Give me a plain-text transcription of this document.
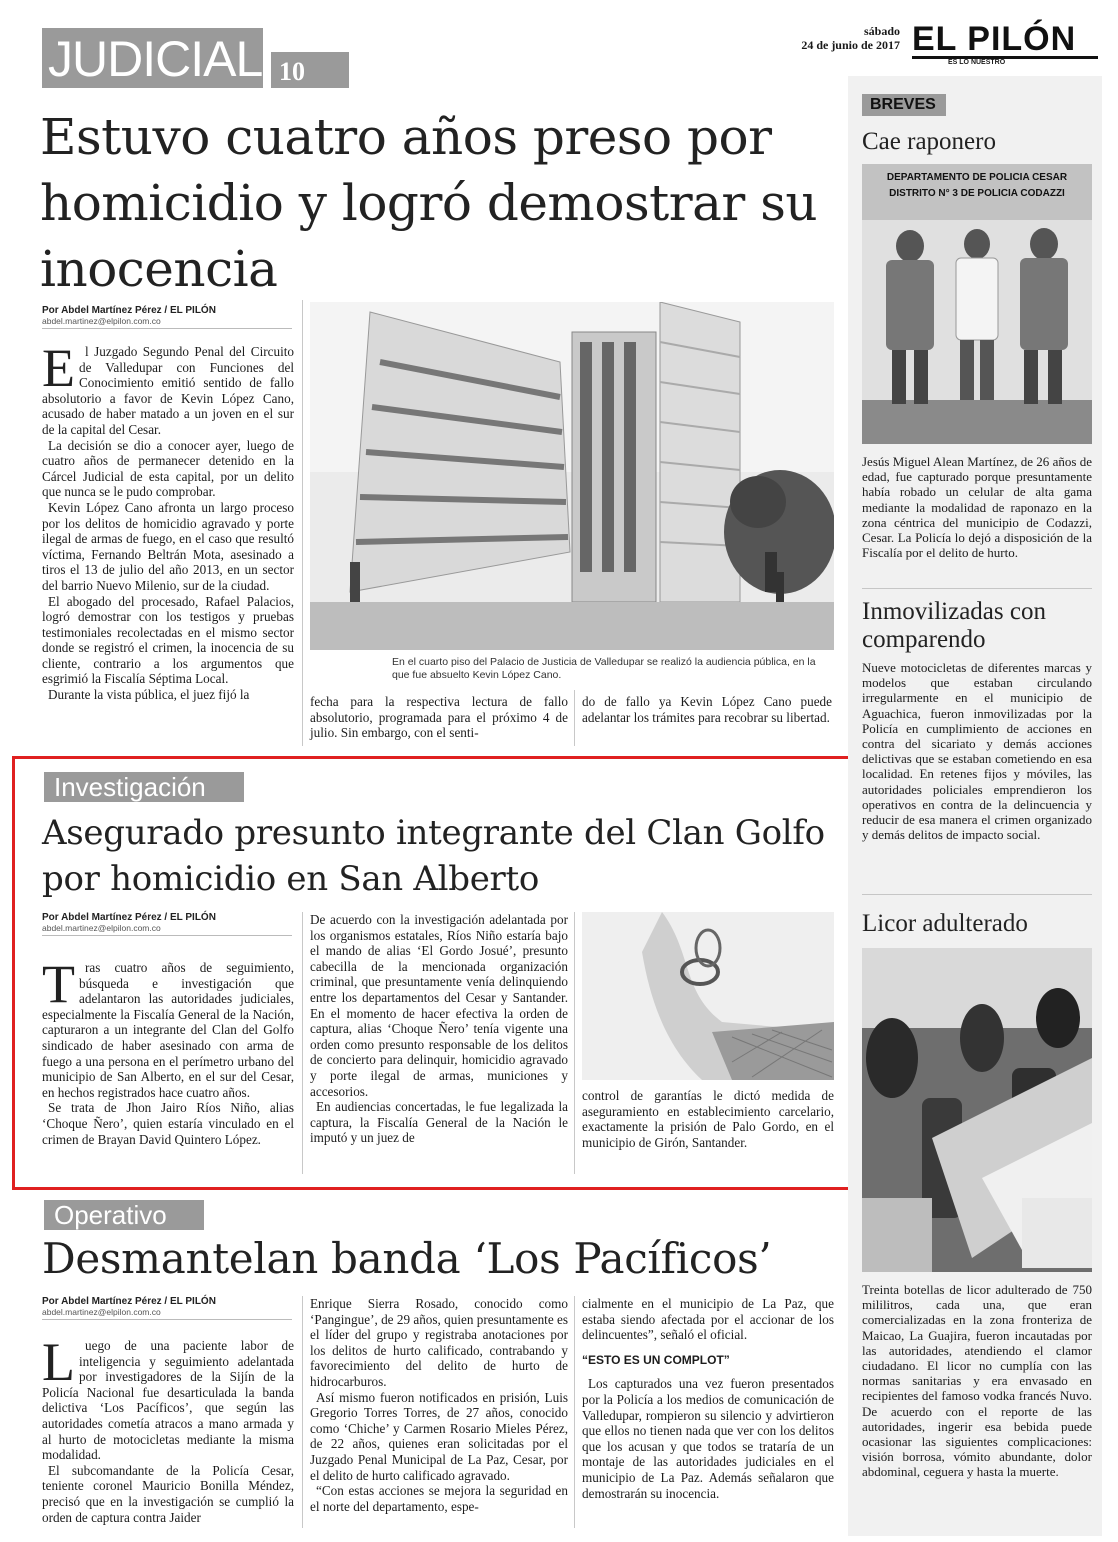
JUDICIAL 10
sábado
24 de junio de 2017 EL PILÓN
ES LO NUESTRO
Estuvo cuatro años preso por homicidio y logró demostrar su inocencia
Por Abdel Martínez Pérez / EL PILÓN
abdel.martinez@elpilon.com.co
E l Juzgado Segundo Penal del Circuito de Valledupar con Funciones del Conocimiento emitió sentido de fallo absolutorio a favor de Kevin López Cano, acusado de haber matado a un joven en el sur de la capital del Cesar.

La decisión se dio a conocer ayer, luego de cuatro años de permanecer detenido en la Cárcel Judicial de esta capital, por un delito que nunca se le pudo comprobar.

Kevin López Cano afronta un largo proceso por los delitos de homicidio agravado y porte ilegal de armas de fuego, en el caso que resultó víctima, Fernando Beltrán Mota, asesinado a tiros el 13 de julio del año 2013, en un sector del barrio Nuevo Milenio, sur de la ciudad.

El abogado del procesado, Rafael Palacios, logró demostrar con los testigos y pruebas testimoniales recolectadas en el mismo sector donde se registró el crimen, la inocencia de su cliente, contrario a los argumentos que esgrimió la Fiscalía Séptima Local.

Durante la vista pública, el juez fijó la

En el cuarto piso del Palacio de Justicia de Valledupar se realizó la audiencia pública, en la que fue absuelto Kevin López Cano.

fecha para la respectiva lectura de fallo absolutorio, programada para el próximo 4 de julio. Sin embargo, con el senti-

do de fallo ya Kevin López Cano puede adelantar los trámites para recobrar su libertad.

Investigación
Asegurado presunto integrante del Clan Golfo por homicidio en San Alberto
Por Abdel Martínez Pérez / EL PILÓN
abdel.martinez@elpilon.com.co
T ras cuatro años de seguimiento, búsqueda e investigación que adelantaron las autoridades judiciales, especialmente la Fiscalía General de la Nación, capturaron a un integrante del Clan del Golfo sindicado de haber asesinado con arma de fuego a una persona en el perímetro urbano del municipio de San Alberto, en el sur del Cesar, en hechos registrados hace cuatro años.

Se trata de Jhon Jairo Ríos Niño, alias ‘Choque Ñero’, quien estaría vinculado en el crimen de Brayan David Quintero López.

De acuerdo con la investigación adelantada por los organismos estatales, Ríos Niño estaría bajo el mando de alias ‘El Gordo Josué’, presunto cabecilla de la mencionada organización criminal, que presuntamente venía delinquiendo entre los departamentos del Cesar y Santander. En el momento de hacer efectiva la orden de captura, alias ‘Choque Ñero’ tenía vigente una orden como presunto responsable de los delitos de concierto para delinquir, homicidio agravado y porte ilegal de armas, municiones y accesorios.

En audiencias concertadas, le fue legalizada la captura, la Fiscalía General de la Nación le imputó y un juez de

control de garantías le dictó medida de aseguramiento en establecimiento carcelario, exactamente la prisión de Palo Gordo, en el municipio de Girón, Santander.

Operativo
Desmantelan banda ‘Los Pacíficos’
Por Abdel Martínez Pérez / EL PILÓN
abdel.martinez@elpilon.com.co
L uego de una paciente labor de inteligencia y seguimiento adelantada por investigadores de la Sijín de la Policía Nacional fue desarticulada la banda delictiva ‘Los Pacíficos’, que según las autoridades cometía atracos a mano armada y al hurto de motocicletas mediante la misma modalidad.

El subcomandante de la Policía Cesar, teniente coronel Mauricio Bonilla Méndez, precisó que en la investigación se cumplió la orden de captura contra Jaider

Enrique Sierra Rosado, conocido como ‘Pangingue’, de 29 años, quien presuntamente es el líder del grupo y registraba anotaciones por los delitos de hurto calificado, contrabando y favorecimiento del delito de hurto de hidrocarburos.

Así mismo fueron notificados en prisión, Luis Gregorio Torres Torres, de 27 años, conocido como ‘Chiche’ y Carmen Rosario Mieles Pérez, de 22 años, quienes eran solicitadas por el Juzgado Penal Municipal de La Paz, Cesar, por el delito de hurto calificado agravado.

“Con estas acciones se mejora la seguridad en el norte del departamento, espe-

cialmente en el municipio de La Paz, que estaba siendo afectada por el accionar de los delincuentes”, señaló el oficial.

“ESTO ES UN COMPLOT”

Los capturados una vez fueron presentados por la Policía a los medios de comunicación de Valledupar, rompieron su silencio y advirtieron que ellos no tienen nada que ver con los delitos que los acusan y que todos se trataría de un montaje de las autoridades judiciales en el municipio de La Paz. Además señalaron que demostrarán su inocencia.

BREVES
Cae raponero
DEPARTAMENTO DE POLICIA CESAR
DISTRITO N° 3 DE POLICIA CODAZZI
Jesús Miguel Alean Martínez, de 26 años de edad, fue capturado porque presuntamente había robado un celular de alta gama mediante la modalidad de raponazo en la zona céntrica del municipio de Codazzi, Cesar. La Policía lo dejó a disposición de la Fiscalía por el delito de hurto.
Inmovilizadas con comparendo
Nueve motocicletas de diferentes marcas y modelos que estaban circulando irregularmente en el municipio de Aguachica, fueron inmovilizadas por la Policía en cumplimiento de acciones en contra del sicariato y demás acciones delictivas que se estaban cometiendo en esa localidad. En retenes fijos y móviles, las autoridades policiales emprendieron los operativos en contra de la delincuencia y reducir de esa manera el crimen organizado y demás delitos de impacto social.
Licor adulterado
Treinta botellas de licor adulterado de 750 mililitros, cada una, que eran comercializadas en la zona fronteriza de Maicao, La Guajira, fueron incautadas por las autoridades, atendiendo el clamor ciudadano. El licor no cumplía con las normas sanitarias y era envasado en recipientes del famoso vodka francés Nuvo. De acuerdo con el reporte de las autoridades, ingerir esa bebida puede ocasionar las siguientes complicaciones: visión borrosa, vómito abundante, dolor abdominal, ceguera y hasta la muerte.
